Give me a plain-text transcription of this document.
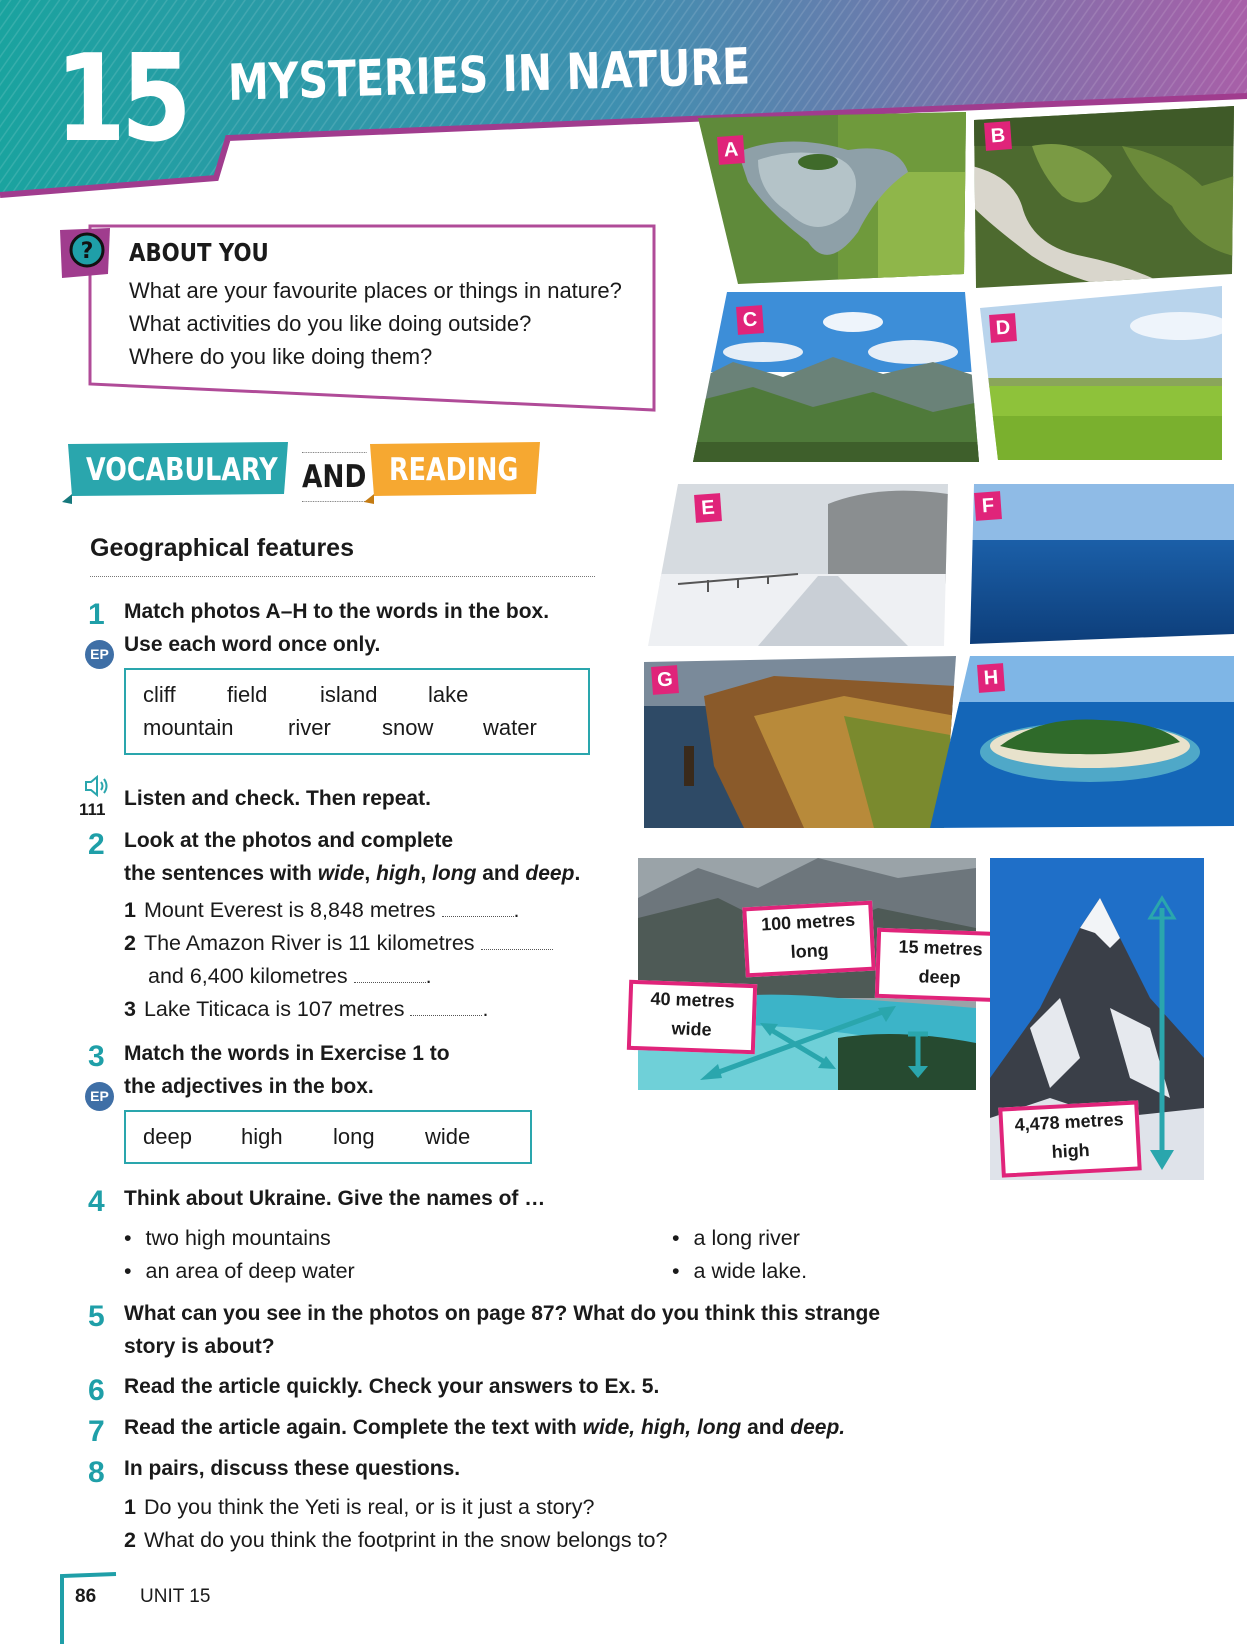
15 MYSTERIES IN NATURE
? ABOUT YOU
What are your favourite places or things in nature?
What activities do you like doing outside?
Where do you like doing them?
VOCABULARY AND READING
Geographical features
1
EP
Match photos A–H to the words in the box.
Use each word once only.
cliff field island lake
mountain river snow water
111 Listen and check. Then repeat.
2 Look at the photos and complete
the sentences with wide, high, long and deep.
1 Mount Everest is 8,848 metres	.
2 The Amazon River is 11 kilometres
and 6,400 kilometres	.
3 Lake Titicaca is 107 metres	.
3
EP
Match the words in Exercise 1 to
the adjectives in the box.
deep high long wide
4 Think about Ukraine. Give the names of …
• two high mountains
• an area of deep water
• a long river
• a wide lake.
5 What can you see in the photos on page 87? What do you think this strange
story is about?
6 Read the article quickly. Check your answers to Ex. 5.
7 Read the article again. Complete the text with wide, high, long and deep.
8 In pairs, discuss these questions.
1 Do you think the Yeti is real, or is it just a story?
2 What do you think the footprint in the snow belongs to?
A
B
C	D
E	F
G	H
100 metres
long	15 metres
deep
40 metres
wide
4,478 metres
high
86 UNIT 15
